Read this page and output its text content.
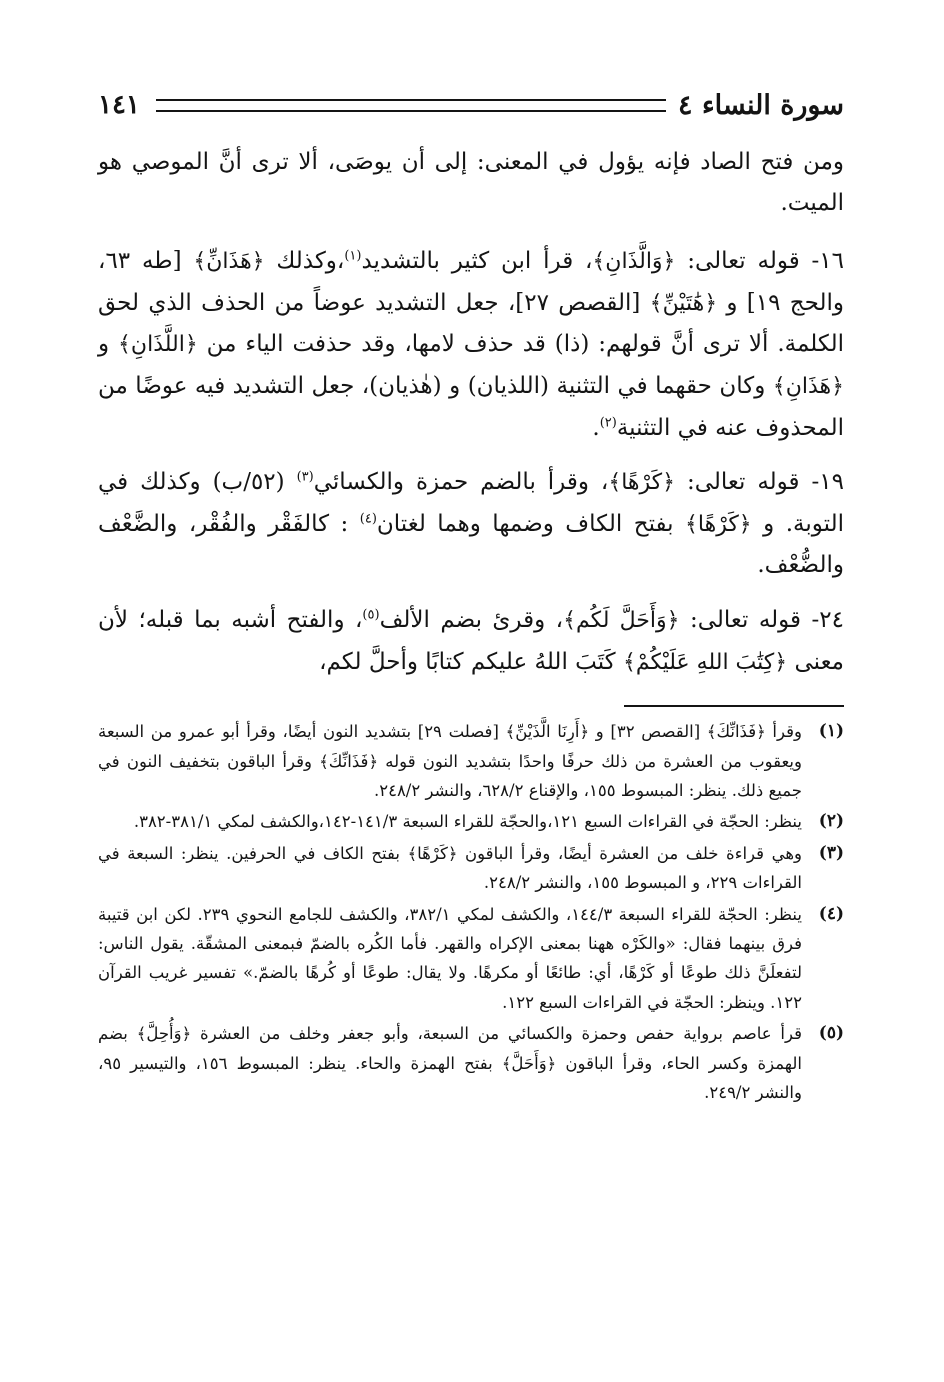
سورة النساء ٤
١٤١

ومن فتح الصاد فإنه يؤول في المعنى: إلى أن يوصَى، ألا ترى أنَّ الموصي هو الميت.

١٦- قوله تعالى: ﴿وَالَّذَانِ﴾، قرأ ابن كثير بالتشديد$^{(١)}$،وكذلك ﴿هَذَانِّ﴾ [طه ٦٣، والحج ١٩] و ﴿هَٰتَيْنِّ﴾ [القصص ٢٧]، جعل التشديد عوضاً من الحذف الذي لحق الكلمة. ألا ترى أنَّ قولهم: (ذا) قد حذف لامها، وقد حذفت الياء من ﴿اللَّذَانِ﴾ و ﴿هَذَانِ﴾ وكان حقهما في التثنية (اللذيان) و (هٰذيان)، جعل التشديد فيه عوضًا من المحذوف عنه في التثنية$^{(٢)}$.

١٩- قوله تعالى: ﴿كَرْهًا﴾، وقرأ بالضم حمزة والكسائي$^{(٣)}$ (٥٢/ب) وكذلك في التوبة. و ﴿كَرْهًا﴾ بفتح الكاف وضمها وهما لغتان$^{(٤)}$ : كالفَقْر والفُقْر، والضَّعْف والضُّعْف.

٢٤- قوله تعالى: ﴿وَأَحَلَّ لَكُم﴾، وقرئ بضم الألف$^{(٥)}$، والفتح أشبه بما قبله؛ لأن معنى ﴿كِتَٰبَ اللهِ عَلَيْكُمْ﴾ كَتَبَ اللهُ عليكم كتابًا وأحلَّ لكم،

(١)
وقرأ ﴿فَذَانِّكَ﴾ [القصص ٣٢] و ﴿أَرِنَا الَّذَيْنِّ﴾ [فصلت ٢٩] بتشديد النون أيضًا، وقرأ أبو عمرو من السبعة ويعقوب من العشرة من ذلك حرفًا واحدًا بتشديد النون قوله ﴿فَذَانِّكَ﴾ وقرأ الباقون بتخفيف النون في جميع ذلك. ينظر: المبسوط ١٥٥، والإقناع ٦٢٨/٢، والنشر ٢٤٨/٢.
(٢)
ينظر: الحجّة في القراءات السبع ١٢١،والحجّة للقراء السبعة ١٤١/٣-١٤٢،والكشف لمكي ٣٨١/١-٣٨٢.
(٣)
وهي قراءة خلف من العشرة أيضًا، وقرأ الباقون ﴿كَرْهًا﴾ بفتح الكاف في الحرفين. ينظر: السبعة في القراءات ٢٢٩، و المبسوط ١٥٥، والنشر ٢٤٨/٢.
(٤)
ينظر: الحجّة للقراء السبعة ١٤٤/٣، والكشف لمكي ٣٨٢/١، والكشف للجامع النحوي ٢٣٩. لكن ابن قتيبة فرق بينهما فقال: «والكَرْه ههنا بمعنى الإكراه والقهر. فأما الكُره بالضمّ فبمعنى المشقّة. يقول الناس: لتفعلَنَّ ذلك طوعًا أو كَرْهًا، أي: طائعًا أو مكرهًا. ولا يقال: طوعًا أو كُرهًا بالضمّ.» تفسير غريب القرآن ١٢٢. وينظر: الحجّة في القراءات السبع ١٢٢.
(٥)
قرأ عاصم برواية حفص وحمزة والكسائي من السبعة، وأبو جعفر وخلف من العشرة ﴿وَأُحِلَّ﴾ بضم الهمزة وكسر الحاء، وقرأ الباقون ﴿وَأَحَلَّ﴾ بفتح الهمزة والحاء. ينظر: المبسوط ١٥٦، والتيسير ٩٥، والنشر ٢٤٩/٢.
